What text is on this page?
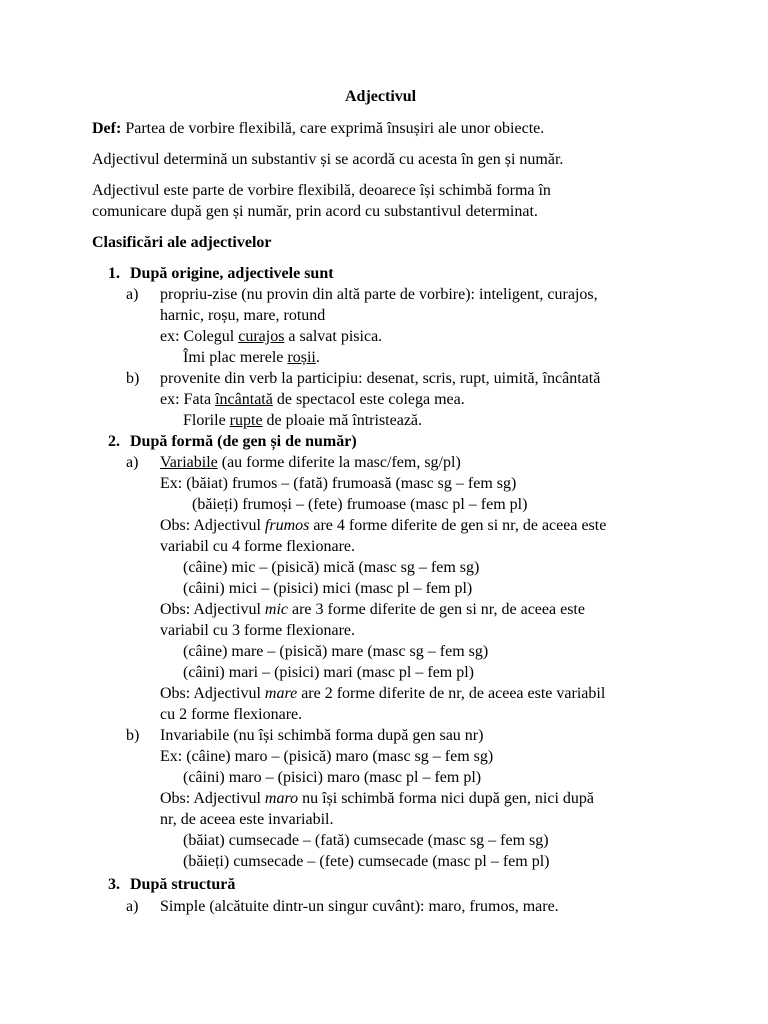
Adjectivul
Def: Partea de vorbire flexibilă, care exprimă însușiri ale unor obiecte.
Adjectivul determină un substantiv și se acordă cu acesta în gen și număr.
Adjectivul este parte de vorbire flexibilă, deoarece își schimbă forma în
comunicare după gen și număr, prin acord cu substantivul determinat.
Clasificări ale adjectivelor
1. După origine, adjectivele sunt
a) propriu-zise (nu provin din altă parte de vorbire): inteligent, curajos,
harnic, roșu, mare, rotund
ex: Colegul curajos a salvat pisica.
Îmi plac merele roșii.
b) provenite din verb la participiu: desenat, scris, rupt, uimită, încântată
ex: Fata încântată de spectacol este colega mea.
Florile rupte de ploaie mă întristează.
2. După formă (de gen și de număr)
a) Variabile (au forme diferite la masc/fem, sg/pl)
Ex: (băiat) frumos – (fată) frumoasă (masc sg – fem sg)
(băieți) frumoși – (fete) frumoase (masc pl – fem pl)
Obs: Adjectivul frumos are 4 forme diferite de gen si nr, de aceea este
variabil cu 4 forme flexionare.
(câine) mic – (pisică) mică (masc sg – fem sg)
(câini) mici – (pisici) mici (masc pl – fem pl)
Obs: Adjectivul mic are 3 forme diferite de gen si nr, de aceea este
variabil cu 3 forme flexionare.
(câine) mare – (pisică) mare (masc sg – fem sg)
(câini) mari – (pisici) mari (masc pl – fem pl)
Obs: Adjectivul mare are 2 forme diferite de nr, de aceea este variabil
cu 2 forme flexionare.
b) Invariabile (nu își schimbă forma după gen sau nr)
Ex: (câine) maro – (pisică) maro (masc sg – fem sg)
(câini) maro – (pisici) maro (masc pl – fem pl)
Obs: Adjectivul maro nu își schimbă forma nici după gen, nici după
nr, de aceea este invariabil.
(băiat) cumsecade – (fată) cumsecade (masc sg – fem sg)
(băieți) cumsecade – (fete) cumsecade (masc pl – fem pl)
3. După structură
a) Simple (alcătuite dintr-un singur cuvânt): maro, frumos, mare.
